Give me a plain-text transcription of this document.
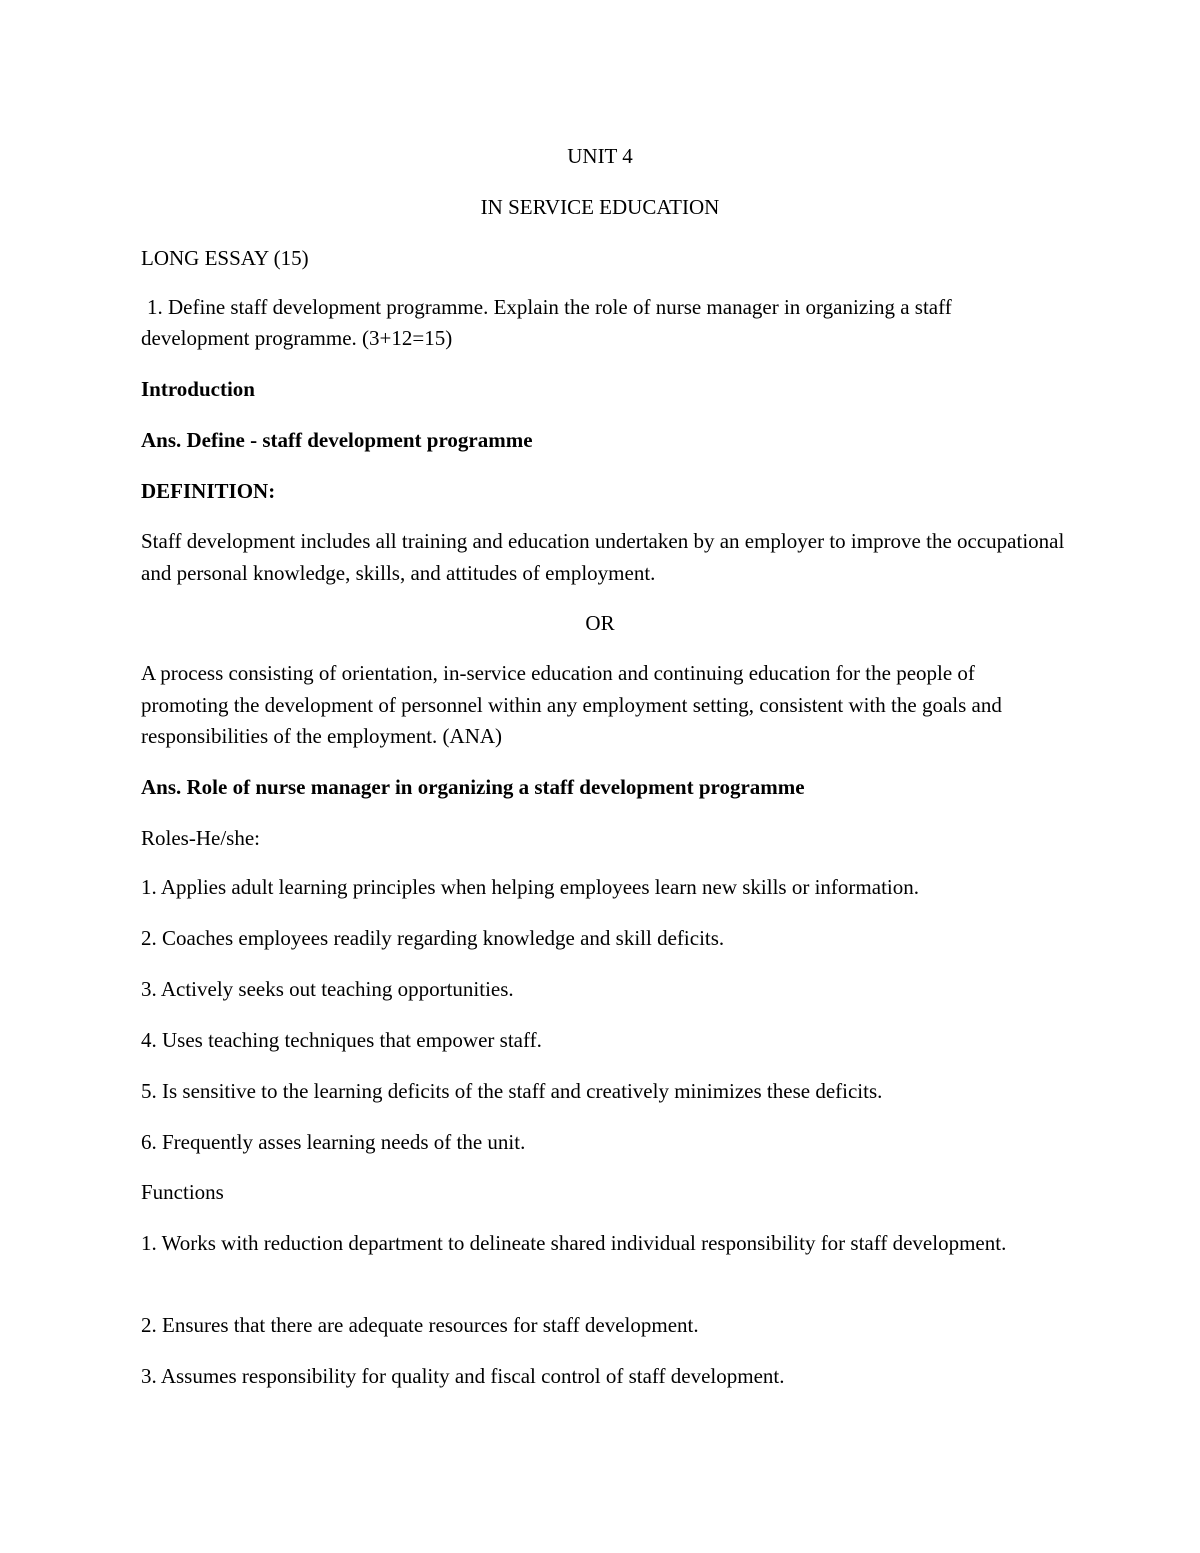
UNIT 4
IN SERVICE EDUCATION
LONG ESSAY (15)
1. Define staff development programme. Explain the role of nurse manager in organizing a staff
development programme. (3+12=15)
Introduction
Ans. Define - staff development programme
DEFINITION:
Staff development includes all training and education undertaken by an employer to improve the occupational and personal knowledge, skills, and attitudes of employment.
OR
A process consisting of orientation, in-service education and continuing education for the people of promoting the development of personnel within any employment setting, consistent with the goals and responsibilities of the employment. (ANA)
Ans. Role of nurse manager in organizing a staff development programme
Roles-He/she:
1. Applies adult learning principles when helping employees learn new skills or information.
2. Coaches employees readily regarding knowledge and skill deficits.
3. Actively seeks out teaching opportunities.
4. Uses teaching techniques that empower staff.
5. Is sensitive to the learning deficits of the staff and creatively minimizes these deficits.
6. Frequently asses learning needs of the unit.
Functions
1. Works with reduction department to delineate shared individual responsibility for staff development.
2. Ensures that there are adequate resources for staff development.
3. Assumes responsibility for quality and fiscal control of staff development.
